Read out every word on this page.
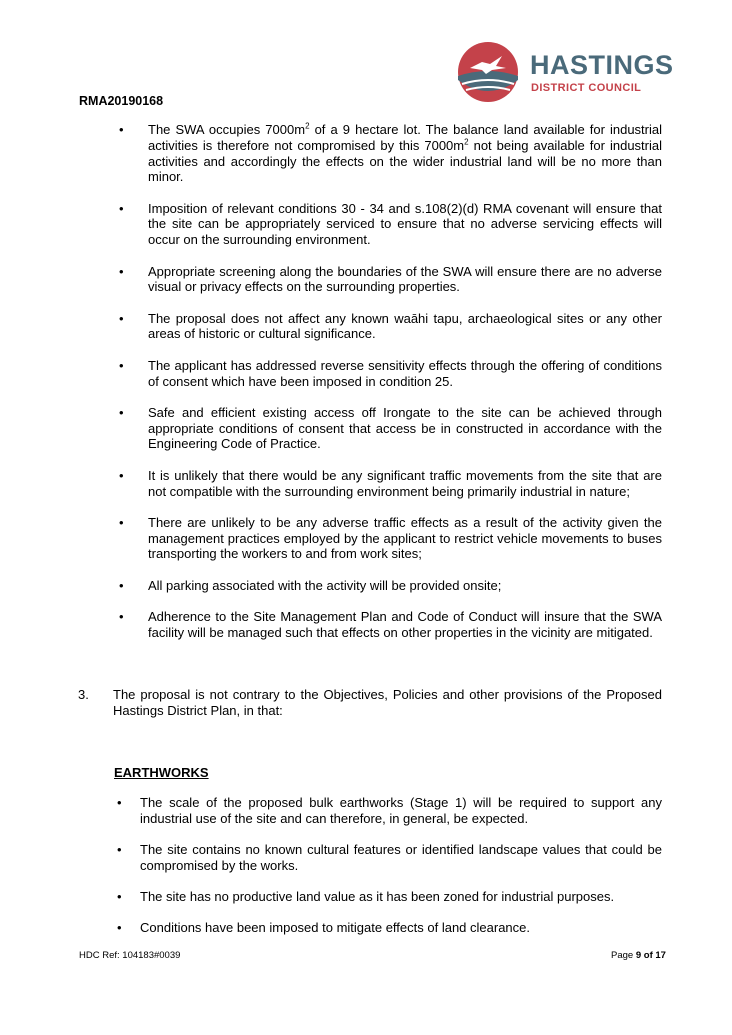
HASTINGS
DISTRICT COUNCIL
RMA20190168
• The SWA occupies $7000m^2$ of a 9 hectare lot. The balance land available for industrial activities is therefore not compromised by this $7000m^2$ not being available for industrial activities and accordingly the effects on the wider industrial land will be no more than minor.
• Imposition of relevant conditions 30 - 34 and s.108(2)(d) RMA covenant will ensure that the site can be appropriately serviced to ensure that no adverse servicing effects will occur on the surrounding environment.
• Appropriate screening along the boundaries of the SWA will ensure there are no adverse visual or privacy effects on the surrounding properties.
• The proposal does not affect any known waāhi tapu, archaeological sites or any other areas of historic or cultural significance.
• The applicant has addressed reverse sensitivity effects through the offering of conditions of consent which have been imposed in condition 25.
• Safe and efficient existing access off Irongate to the site can be achieved through appropriate conditions of consent that access be in constructed in accordance with the Engineering Code of Practice.
• It is unlikely that there would be any significant traffic movements from the site that are not compatible with the surrounding environment being primarily industrial in nature;
• There are unlikely to be any adverse traffic effects as a result of the activity given the management practices employed by the applicant to restrict vehicle movements to buses transporting the workers to and from work sites;
• All parking associated with the activity will be provided onsite;
• Adherence to the Site Management Plan and Code of Conduct will insure that the SWA facility will be managed such that effects on other properties in the vicinity are mitigated.
3. The proposal is not contrary to the Objectives, Policies and other provisions of the Proposed Hastings District Plan, in that:
EARTHWORKS
• The scale of the proposed bulk earthworks (Stage 1) will be required to support any industrial use of the site and can therefore, in general, be expected.
• The site contains no known cultural features or identified landscape values that could be compromised by the works.
• The site has no productive land value as it has been zoned for industrial purposes.
• Conditions have been imposed to mitigate effects of land clearance.
HDC Ref: 104183#0039	Page 9 of 17
